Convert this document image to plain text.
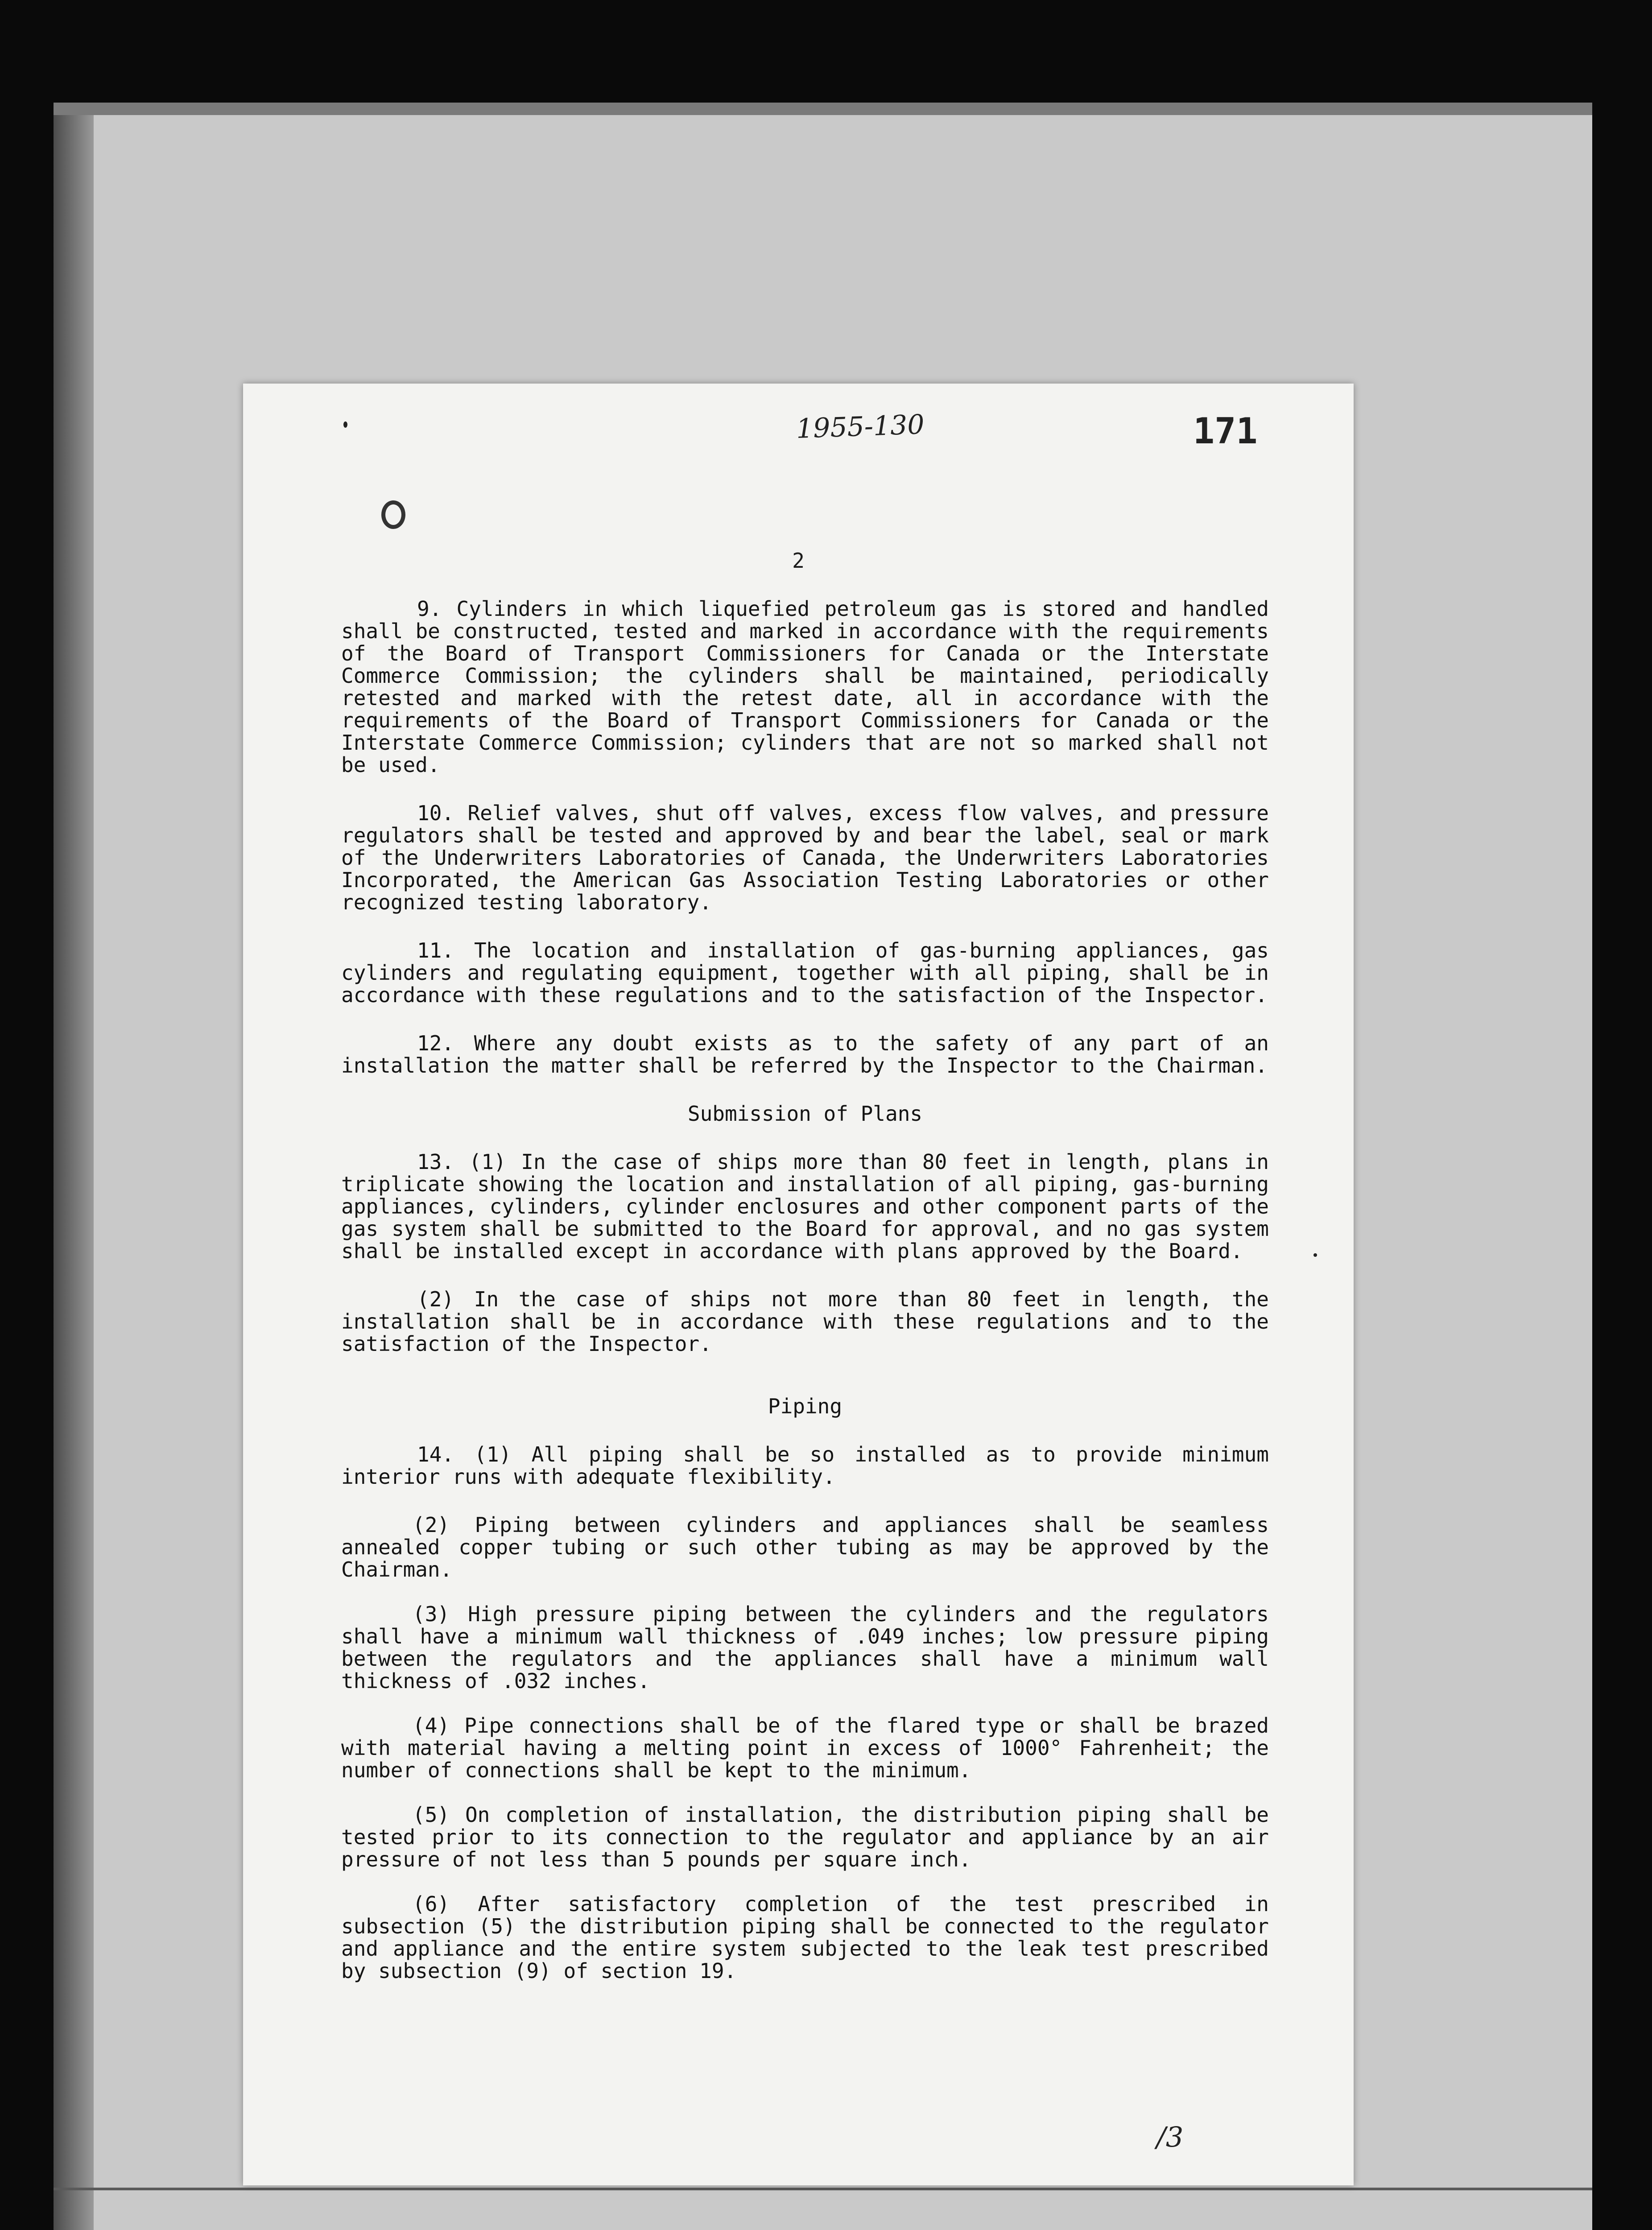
1955-130	171
2

9. Cylinders in which liquefied petroleum gas is stored and handled shall be constructed, tested and marked in accordance with the requirements of the Board of Transport Commissioners for Canada or the Interstate Commerce Commission; the cylinders shall be maintained, periodically retested and marked with the retest date, all in accordance with the requirements of the Board of Transport Commissioners for Canada or the Interstate Commerce Commission; cylinders that are not so marked shall not be used.

10. Relief valves, shut off valves, excess flow valves, and pressure regulators shall be tested and approved by and bear the label, seal or mark of the Underwriters Laboratories of Canada, the Underwriters Laboratories Incorporated, the American Gas Association Testing Laboratories or other recognized testing laboratory.

11. The location and installation of gas-burning appliances, gas cylinders and regulating equipment, together with all piping, shall be in accordance with these regulations and to the satisfaction of the Inspector.

12. Where any doubt exists as to the safety of any part of an installation the matter shall be referred by the Inspector to the Chairman.

Submission of Plans

13. (1) In the case of ships more than 80 feet in length, plans in triplicate showing the location and installation of all piping, gas-burning appliances, cylinders, cylinder enclosures and other component parts of the gas system shall be submitted to the Board for approval, and no gas system shall be installed except in accordance with plans approved by the Board.

(2) In the case of ships not more than 80 feet in length, the installation shall be in accordance with these regulations and to the satisfaction of the Inspector.

Piping

14. (1) All piping shall be so installed as to provide minimum interior runs with adequate flexibility.

(2) Piping between cylinders and appliances shall be seamless annealed copper tubing or such other tubing as may be approved by the Chairman.

(3) High pressure piping between the cylinders and the regulators shall have a minimum wall thickness of .049 inches; low pressure piping between the regulators and the appliances shall have a minimum wall thickness of .032 inches.

(4) Pipe connections shall be of the flared type or shall be brazed with material having a melting point in excess of 1000° Fahrenheit; the number of connections shall be kept to the minimum.

(5) On completion of installation, the distribution piping shall be tested prior to its connection to the regulator and appliance by an air pressure of not less than 5 pounds per square inch.

(6) After satisfactory completion of the test prescribed in subsection (5) the distribution piping shall be connected to the regulator and appliance and the entire system subjected to the leak test prescribed by subsection (9) of section 19.

/3
